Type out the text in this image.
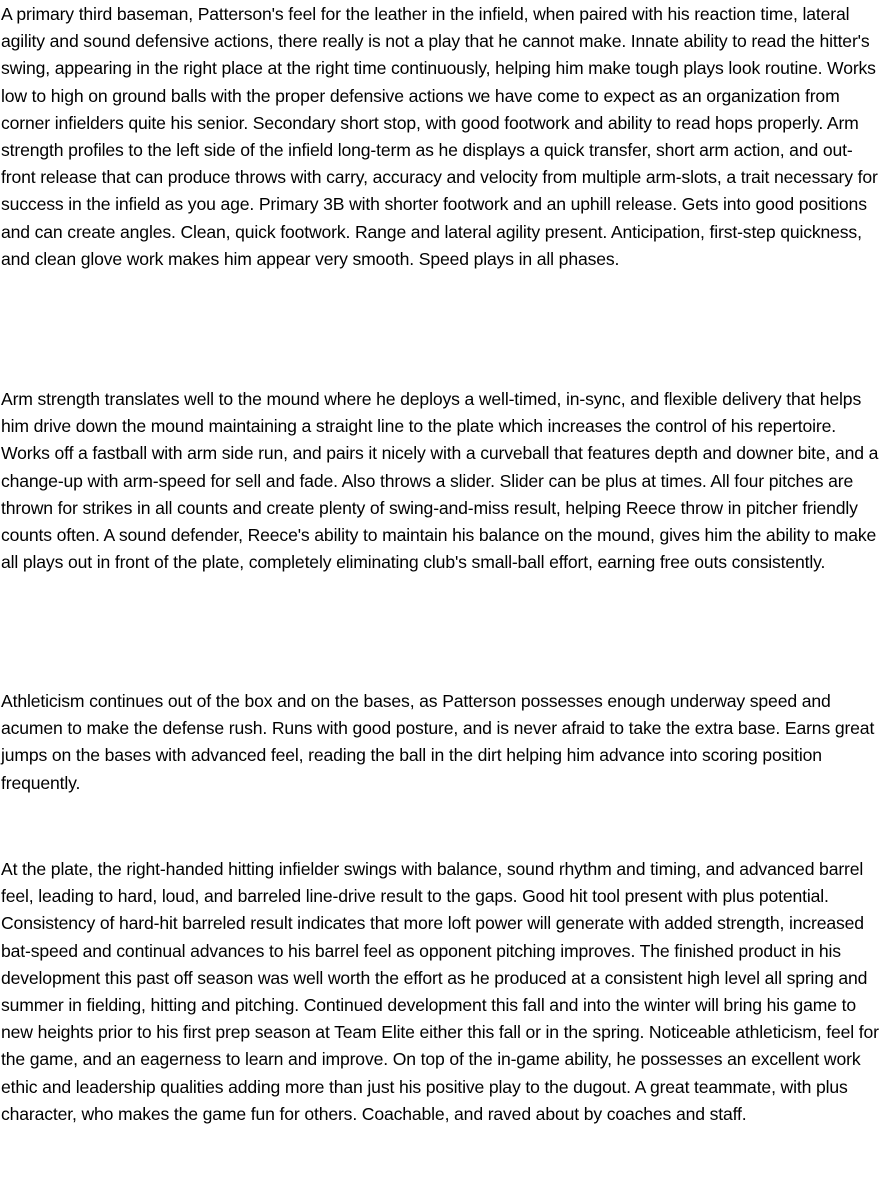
A primary third baseman, Patterson's feel for the leather in the infield, when paired with his reaction time, lateral agility and sound defensive actions, there really is not a play that he cannot make. Innate ability to read the hitter's swing, appearing in the right place at the right time continuously, helping him make tough plays look routine. Works low to high on ground balls with the proper defensive actions we have come to expect as an organization from corner infielders quite his senior. Secondary short stop, with good footwork and ability to read hops properly. Arm strength profiles to the left side of the infield long-term as he displays a quick transfer, short arm action, and out-front release that can produce throws with carry, accuracy and velocity from multiple arm-slots, a trait necessary for success in the infield as you age. Primary 3B with shorter footwork and an uphill release. Gets into good positions and can create angles. Clean, quick footwork. Range and lateral agility present. Anticipation, first-step quickness, and clean glove work makes him appear very smooth. Speed plays in all phases.

Arm strength translates well to the mound where he deploys a well-timed, in-sync, and flexible delivery that helps him drive down the mound maintaining a straight line to the plate which increases the control of his repertoire. Works off a fastball with arm side run, and pairs it nicely with a curveball that features depth and downer bite, and a change-up with arm-speed for sell and fade. Also throws a slider. Slider can be plus at times. All four pitches are thrown for strikes in all counts and create plenty of swing-and-miss result, helping Reece throw in pitcher friendly counts often. A sound defender, Reece's ability to maintain his balance on the mound, gives him the ability to make all plays out in front of the plate, completely eliminating club's small-ball effort, earning free outs consistently.

Athleticism continues out of the box and on the bases, as Patterson possesses enough underway speed and acumen to make the defense rush. Runs with good posture, and is never afraid to take the extra base. Earns great jumps on the bases with advanced feel, reading the ball in the dirt helping him advance into scoring position frequently.

At the plate, the right-handed hitting infielder swings with balance, sound rhythm and timing, and advanced barrel feel, leading to hard, loud, and barreled line-drive result to the gaps. Good hit tool present with plus potential. Consistency of hard-hit barreled result indicates that more loft power will generate with added strength, increased bat-speed and continual advances to his barrel feel as opponent pitching improves. The finished product in his development this past off season was well worth the effort as he produced at a consistent high level all spring and summer in fielding, hitting and pitching. Continued development this fall and into the winter will bring his game to new heights prior to his first prep season at Team Elite either this fall or in the spring. Noticeable athleticism, feel for the game, and an eagerness to learn and improve. On top of the in-game ability, he possesses an excellent work ethic and leadership qualities adding more than just his positive play to the dugout. A great teammate, with plus character, who makes the game fun for others. Coachable, and raved about by coaches and staff.
